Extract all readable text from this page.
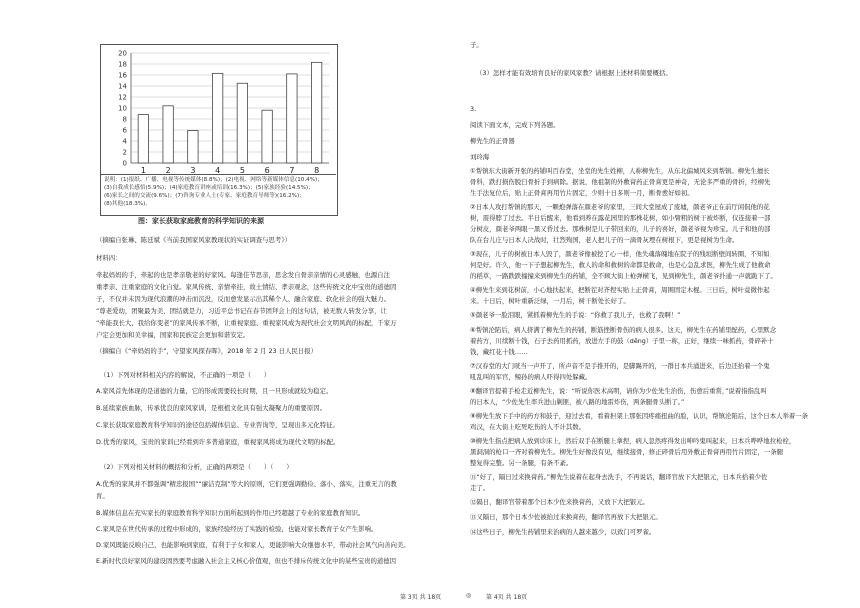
0
2
4
6
8
10
12
14
16
18
20
1 2 3 4 5 6 7 8
说明：(1)报纸、广播、电视等传统媒体(8.8%)；(2)电视、网络等新媒体信息(10.4%)；
(3)自我成长感悟(5.9%)；(4)家庭教育讲座或培训(16.3%)；(5)家族经验(14.5%)；
(6)家长之间的交流(9.6%)；(7)咨询专业人士(专家、家庭教育导师等)(16.2%)；
(8)其他(18.3%)。
图：家长获取家庭教育的科学知识的来源

（摘编自张琳、陈廷斌《当前我国家风家教现状的实证调查与思考》）

材料四：

牵起妈妈的手，牵起的也是孝亲敬老的好家风。每逢佳节思亲，思念发自骨亲亲情的心灵感触，也源自注

重孝亲、注重家庭的文化自觉。家风传统、亲情牵挂，故土情结、孝亲观念，这些传统文化中宝贵的道德因

子，不仅并未因为现代浪潮的冲击而沉没，反而愈发显示出其稀个人、融合家庭、软化社会的强大魅力。

“尊老爱幼，团聚最为美，团结就是力，习近平总书记在春节团拜会上的这句话，被无数人转发分享，让

“牵能我长大、我给你变老”的家风传承不断，让重视家庭、重视家风成为现代社会文明风尚的标配，千家万

户定会更加和美幸福，国家和民族定会更加和谐安定。

（摘编自《“牵妈妈的手”，守望家风探春晖》，2018 年 2 月 23 日人民日报）

（1）下列对材料相关内容的解说，不正确的一项是（　　）

A.家风首先体现的是道德的力量，它的形成需要较长时期，且一旦形成就较为稳定。

B.延续家族血脉，传承优良的家风家训，是根植文化具有强大凝聚力的重要原因。

C.家长获取家庭教育科学知识的途径包括媒体信息、专业咨询等，呈现出多元化特征。

D.优秀的家风，宝贵的家训已经看到许多普通家庭，重视家风将成为现代文明的标配。

（2）下列对相关材料的概括和分析，正确的两项是（　　）（　　）

A.优秀的家风并不都强调“精忠报国”“廉洁克制”等大的原则，它们更强调勤俭、落小、落实，注重无言的教

育。

B.媒体信息在充实家长的家庭教育科学知识方面所起到的作用已经超越了专业的家庭教育知识。

C.家风是在世代传承的过程中形成的，家族经验经历了实践的检验，也能对家长教育子女产生影响。

D.家风既能反映自己，也能影响到家庭，有利于子女和家人，更能影响大众继德水平，带动社会风气向善向美。

E.新时代良好家风的建设固然要考虑融入社会主义核心价值观，但也不排斥传统文化中的某些宝贵的道德因

子。

（3）怎样才能有效培育良好的家风家教？请根据上述材料简要概括。

3.

阅读下面文本，完成下列各题。

柳先生的正骨器

刘玲海

①帮镇东大街新开张的药铺叫百春堂，坐堂的先生姓柳，人称柳先生，从东北偏城风来到帮镇。柳先生擅长

骨科，跌打损伤脱臼骨折手到病除。据说，他祖制的外敷膏药正骨膏更是神奇，无论多严重的骨折，经柳先

生手法复位后，贴上正骨膏再用竹片固定，少则十日多则一月，断骨愈好如初。

②日本人攻打帮镇的那天，一颗炮弹落在颜老爷的家里，三间大堂屋成了废墟，颜老爷正在前厅闲侃他的花

树，震得脖了过去。半日后醒来，他看到养在露花园里的那株花树，如小臂粗的树干被炸断，仅连接着一部

分树皮，颜老爷两眼一黑又昏过去。那株树是儿子带回来的，儿子的喜好，颜老爷视为珍宝。儿子和他的部

队在台儿庄与日本人决战时，壮烈殉国，老人把儿子的一滴骨灰埋在树根下，更是视树为生命。

③现在，儿子的树被日本人毁了，颜老爷像被挖了心一样，他失魂落魄地在院子的残垣断壁间转圈，不知如

何是好。许久，他一下子想起柳先生，救人的命和救树的命都是救命，也是心急乱求医，柳先生成了他救命

的稻草，一路跌跌撞撞来到柳先生的药铺，全不顾大街上枪弹横飞，见到柳先生，颜老爷扑通一声就跪下了。

④柳先生来到花树前，小心地扶起来，把断茬对齐捏实贴上正骨膏，周围固定木棍。三日后，树叶竟微作起

来。十日后，树叶重新泛绿，一月后，树干断处长好了。

⑤颜老爷一脸泪眼，紧抓着柳先生的手说：“你救了我儿子，也救了我啊！”

⑥帮镇沦陷后，病人挤满了柳先生的药铺，断筋挫断骨伤的病人很多。这天，柳先生在药铺里配药，心里默念

着药方，川续断十钱，石子去药用抓药，放进左手的鼓（dēng）子里一称，正好，继续一味抓药，骨碎补十

钱，藏红花十钱……

⑦汉春堂的大门咣当一声开了，所声音不是手推开的，是脚踢开的，一群日本兵涌进来，后边还抬着一个鬼

吼乱叫的军官，鲸孙的病人吓得四处躲藏。

⑧翻译官提着手枪走近柳先生，说：“听说你医术高明，请你为少佐先生治伤，伤愈后重赏，”说着指指乱叫

的日本人，“少佐先生率兵进山剿匪，被八路的地雷炸伤，两条腿骨头断了。”

⑨柳先生放下手中的药方和鼓子，迎过去看，看着担架上那张因疼痛扭曲的脸，认识，帮镇沦陷后，这个日本人举着一条

鸡汉，在大街上吃死吃伤的人不计其数。

⑩柳先生指点把病人放到诊床上，然后双手在断腿上拿捏，病人忽然疼得发出呻吟鬼叫起来，日本兵哗哗地拉枪栓，

黑洞洞的枪口一齐对着柳先生。柳先生好像没有见，继续接骨，修正碎骨后用外敷正骨膏再用竹片固定，一条腿

整复得完整。另一条腿，有条不紊。

⑪“好了，隔日过来换膏药。”柳先生说着在起身去洗手，不再说话，翻译官放下大把银元，日本兵拾着少佐

走了。

⑫隔日，翻译官带着那个日本少佐来换膏药，又放下大把银元。

⑬又隔日，那个日本少佐被抬过来换膏药，翻译官再放下大把银元。

⑭这些日子，柳先生药铺里来治病的人越来越少，以致门可罗雀。

第 3页 共 18页	◎ 第 4页 共 18页
